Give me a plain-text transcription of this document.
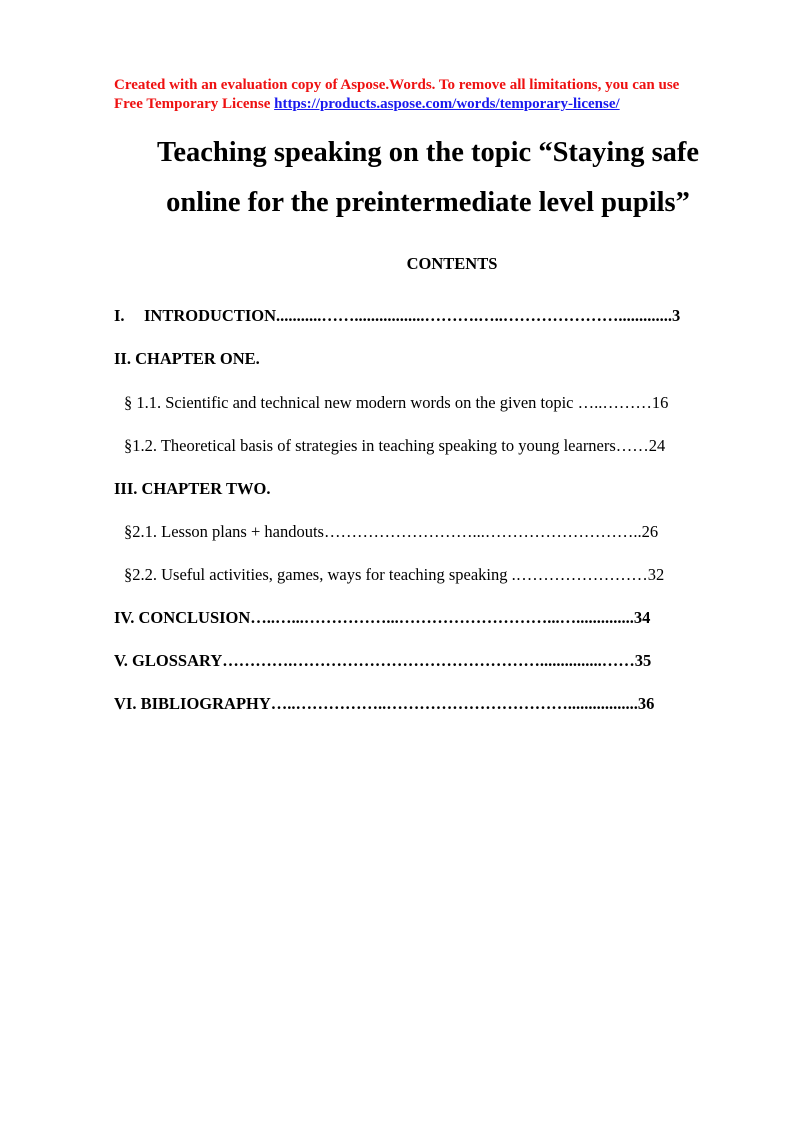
Created with an evaluation copy of Aspose.Words. To remove all limitations, you can use
Free Temporary License https://products.aspose.com/words/temporary-license/
Teaching speaking on the topic “Staying safe
online for the preintermediate level pupils”
CONTENTS
I. INTRODUCTION...........…….................……….…..………………….............3
II. CHAPTER ONE.
§ 1.1. Scientific and technical new modern words on the given topic …..………16
§1.2. Theoretical basis of strategies in teaching speaking to young learners……24
III. CHAPTER TWO.
§2.1. Lesson plans + handouts………………………...………………………..26
§2.2. Useful activities, games, ways for teaching speaking .……………………32
IV. CONCLUSION…..…...……………...………………………...…..............34
V. GLOSSARY………….………………………………………...............……35
VI. BIBLIOGRAPHY…..……………..…………………………….................36
